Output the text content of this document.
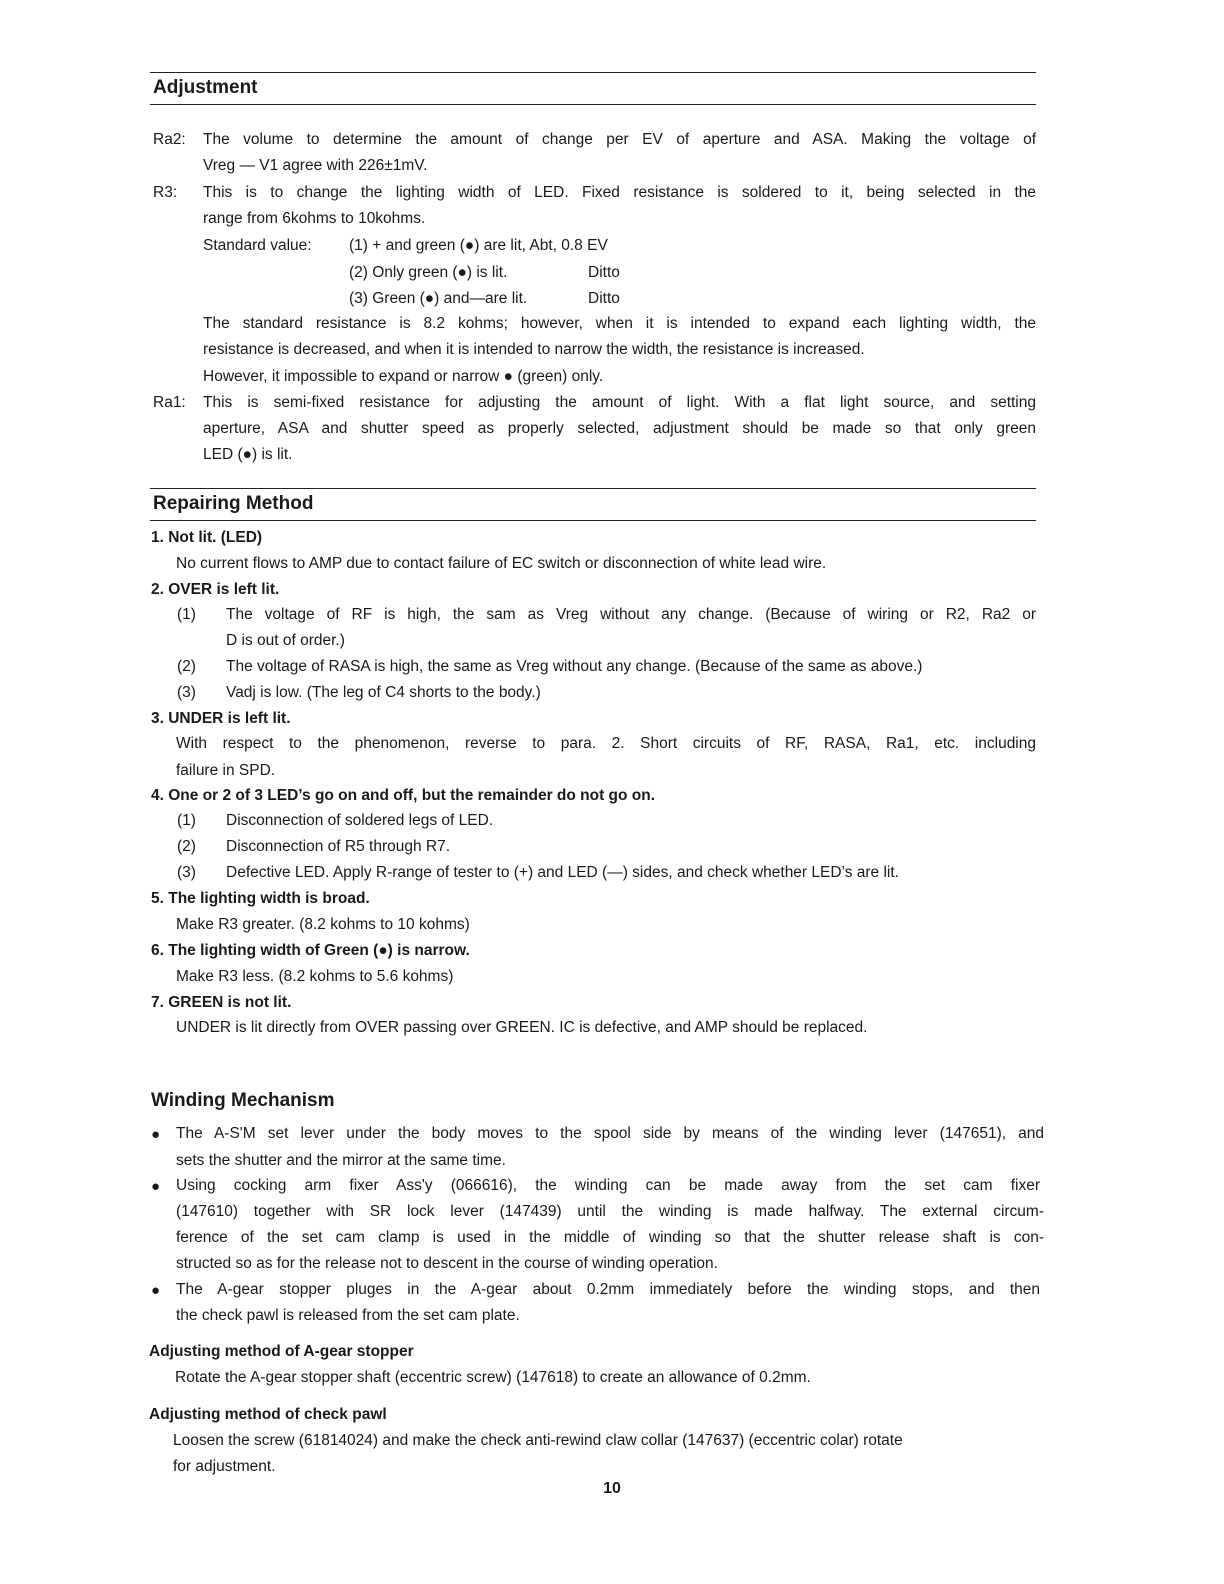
Adjustment
Ra2: The volume to determine the amount of change per EV of aperture and ASA. Making the voltage of
Vreg — V1 agree with 226±1mV.
R3: This is to change the lighting width of LED. Fixed resistance is soldered to it, being selected in the
range from 6kohms to 10kohms.
Standard value: (1) + and green (●) are lit, Abt, 0.8 EV
(2) Only green (●) is lit.	Ditto
(3) Green (●) and—are lit.	Ditto
The standard resistance is 8.2 kohms; however, when it is intended to expand each lighting width, the
resistance is decreased, and when it is intended to narrow the width, the resistance is increased.
However, it impossible to expand or narrow ● (green) only.
Ra1: This is semi-fixed resistance for adjusting the amount of light. With a flat light source, and setting
aperture, ASA and shutter speed as properly selected, adjustment should be made so that only green
LED (●) is lit.
Repairing Method
1. Not lit. (LED)
No current flows to AMP due to contact failure of EC switch or disconnection of white lead wire.
2. OVER is left lit.
(1) The voltage of RF is high, the sam as Vreg without any change. (Because of wiring or R2, Ra2 or
D is out of order.)
(2) The voltage of RASA is high, the same as Vreg without any change. (Because of the same as above.)
(3) Vadj is low. (The leg of C4 shorts to the body.)
3. UNDER is left lit.
With respect to the phenomenon, reverse to para. 2. Short circuits of RF, RASA, Ra1, etc. including
failure in SPD.
4. One or 2 of 3 LED’s go on and off, but the remainder do not go on.
(1) Disconnection of soldered legs of LED.
(2) Disconnection of R5 through R7.
(3) Defective LED. Apply R-range of tester to (+) and LED (—) sides, and check whether LED’s are lit.
5. The lighting width is broad.
Make R3 greater. (8.2 kohms to 10 kohms)
6. The lighting width of Green (●) is narrow.
Make R3 less. (8.2 kohms to 5.6 kohms)
7. GREEN is not lit.
UNDER is lit directly from OVER passing over GREEN. IC is defective, and AMP should be replaced.
Winding Mechanism
● The A-S'M set lever under the body moves to the spool side by means of the winding lever (147651), and
sets the shutter and the mirror at the same time.
● Using cocking arm fixer Ass'y (066616), the winding can be made away from the set cam fixer
(147610) together with SR lock lever (147439) until the winding is made halfway. The external circum-
ference of the set cam clamp is used in the middle of winding so that the shutter release shaft is con-
structed so as for the release not to descent in the course of winding operation.
● The A-gear stopper pluges in the A-gear about 0.2mm immediately before the winding stops, and then
the check pawl is released from the set cam plate.
Adjusting method of A-gear stopper
Rotate the A-gear stopper shaft (eccentric screw) (147618) to create an allowance of 0.2mm.
Adjusting method of check pawl
Loosen the screw (61814024) and make the check anti-rewind claw collar (147637) (eccentric colar) rotate
for adjustment.
10
